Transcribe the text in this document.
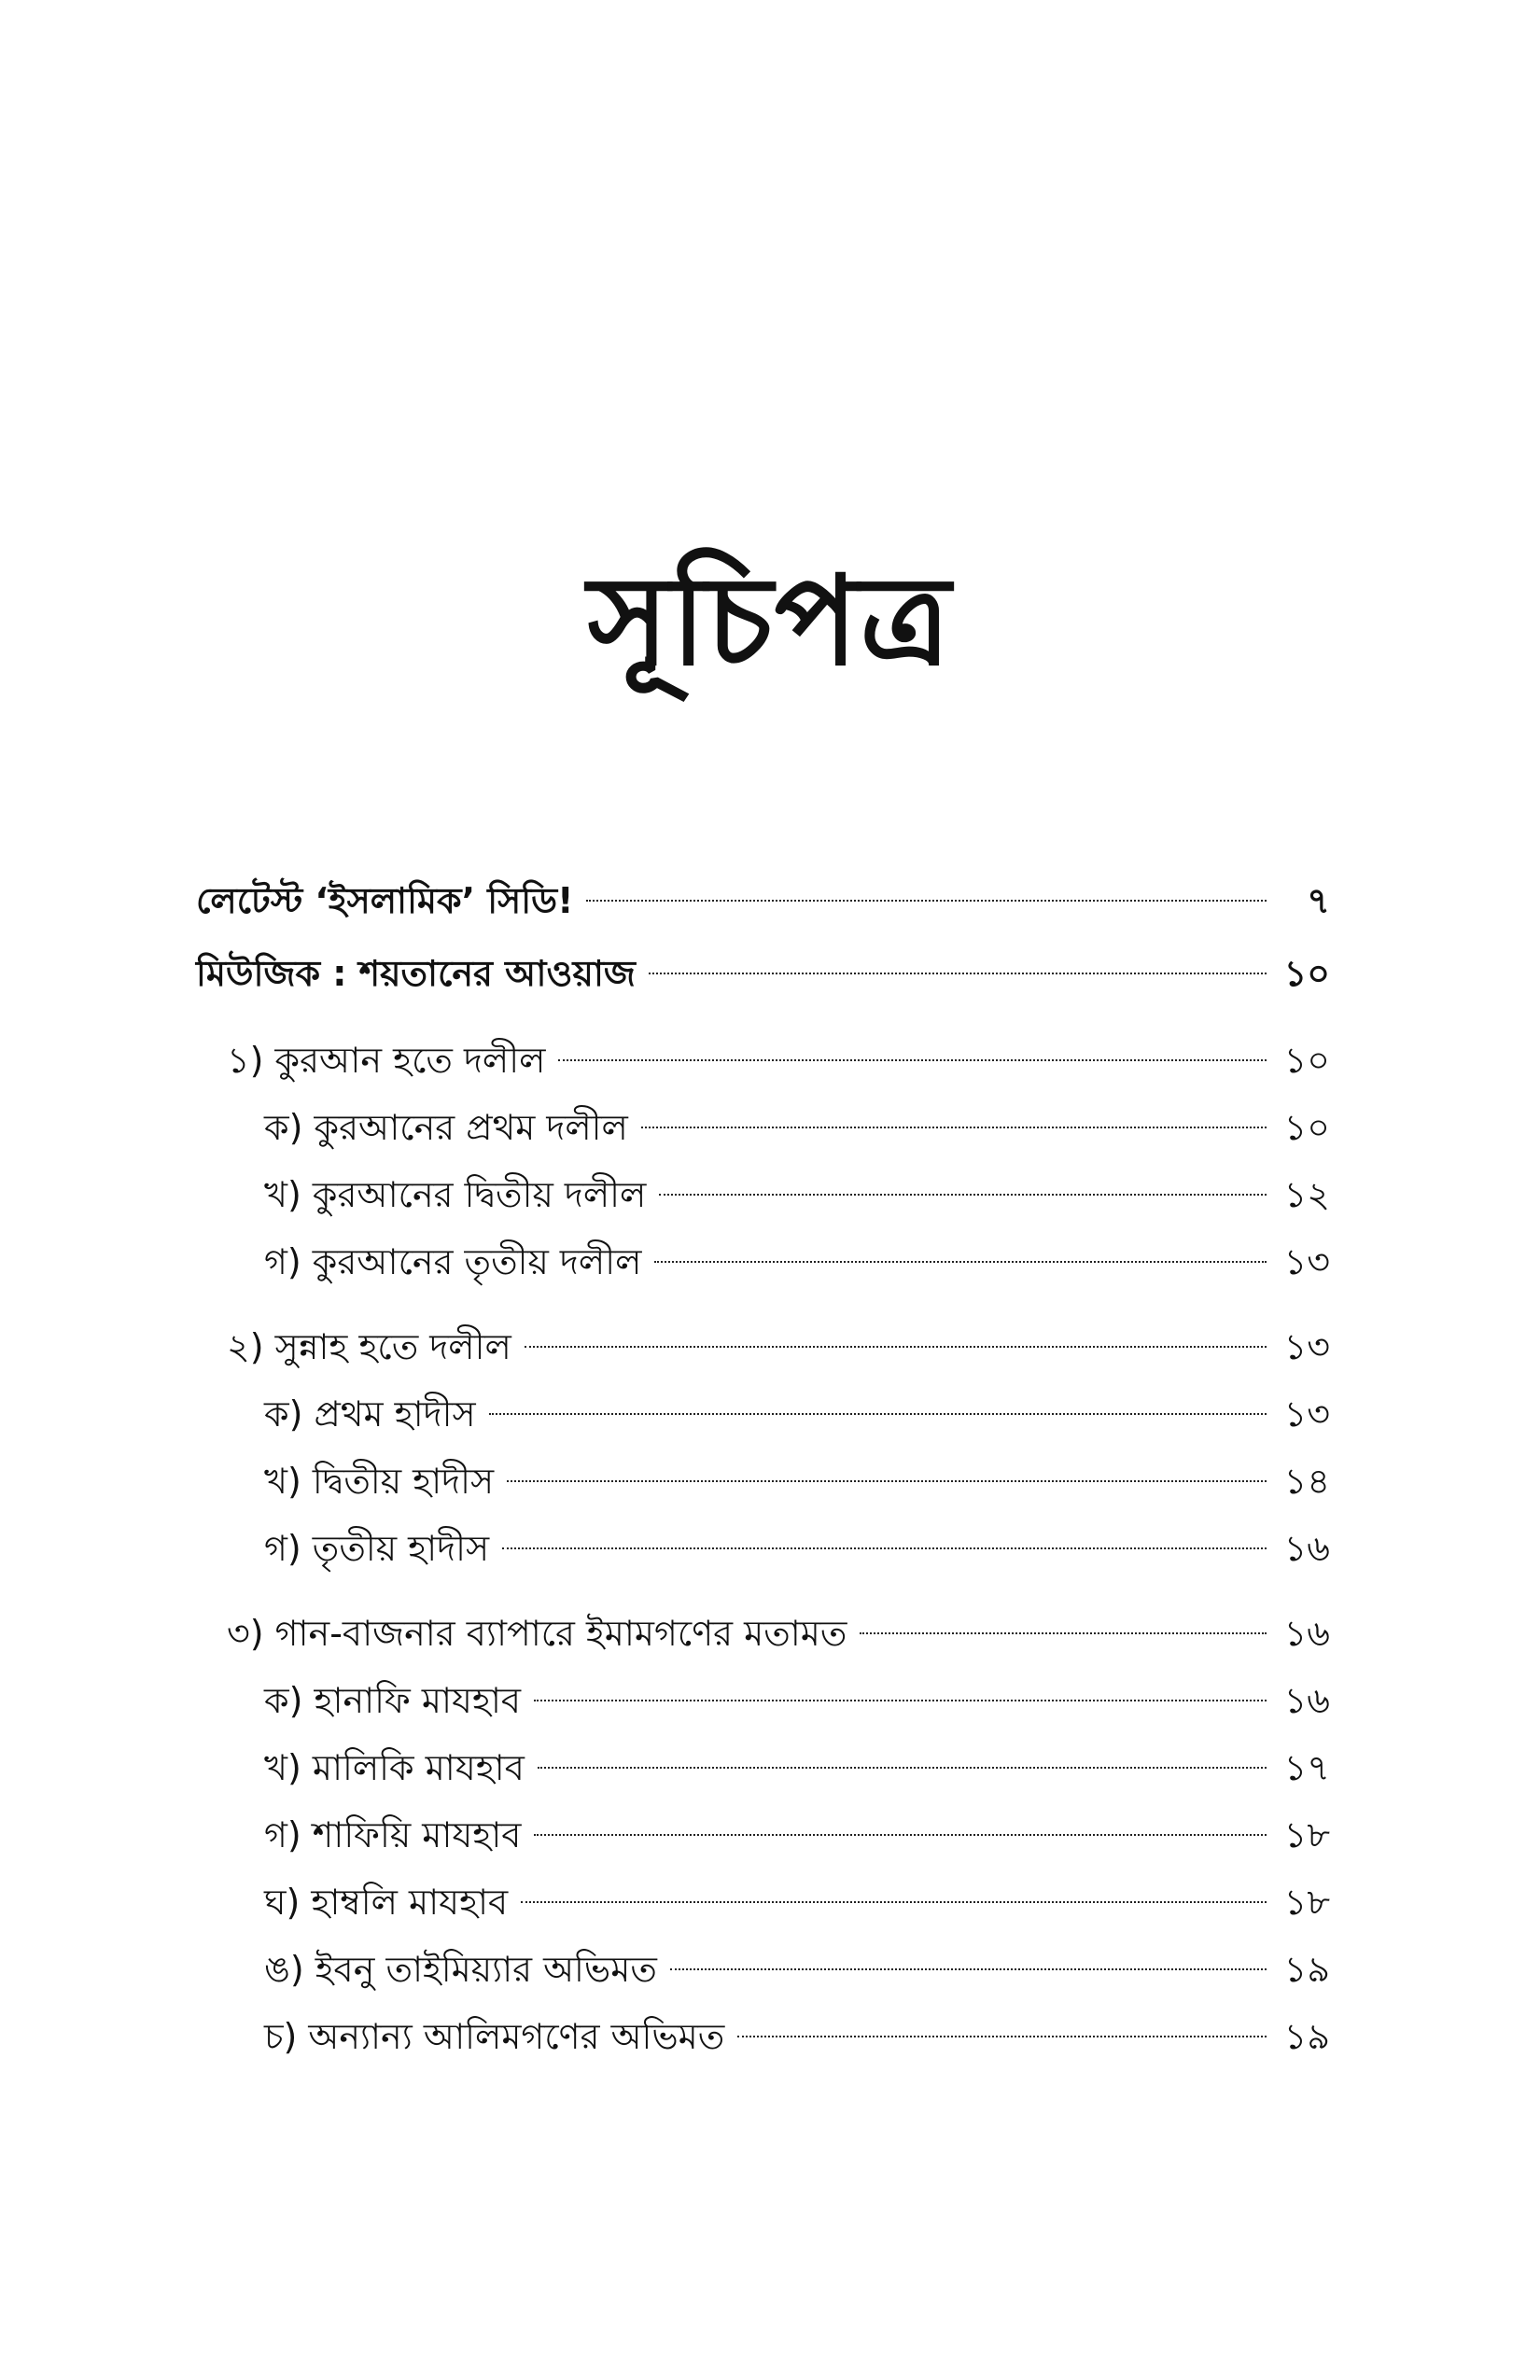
সূচিপত্র
লেটেস্ট ‘ইসলামিক’ সিডি!	৭
মিউজিক : শয়তানের আওয়াজ	১০
১) কুরআন হতে দলীল	১০
ক) কুরআনের প্রথম দলীল	১০
খ) কুরআনের দ্বিতীয় দলীল	১২
গ) কুরআনের তৃতীয় দলীল	১৩
২) সুন্নাহ হতে দলীল	১৩
ক) প্রথম হাদীস	১৩
খ) দ্বিতীয় হাদীস	১৪
গ) তৃতীয় হাদীস	১৬
৩) গান-বাজনার ব্যাপারে ইমামগণের মতামত	১৬
ক) হানাফি মাযহাব	১৬
খ) মালিকি মাযহাব	১৭
গ) শাফিয়ি মাযহাব	১৮
ঘ) হাম্বলি মাযহাব	১৮
ঙ) ইবনু তাইমিয়্যার অভিমত	১৯
চ) অন্যান্য আলিমগণের অভিমত	১৯
